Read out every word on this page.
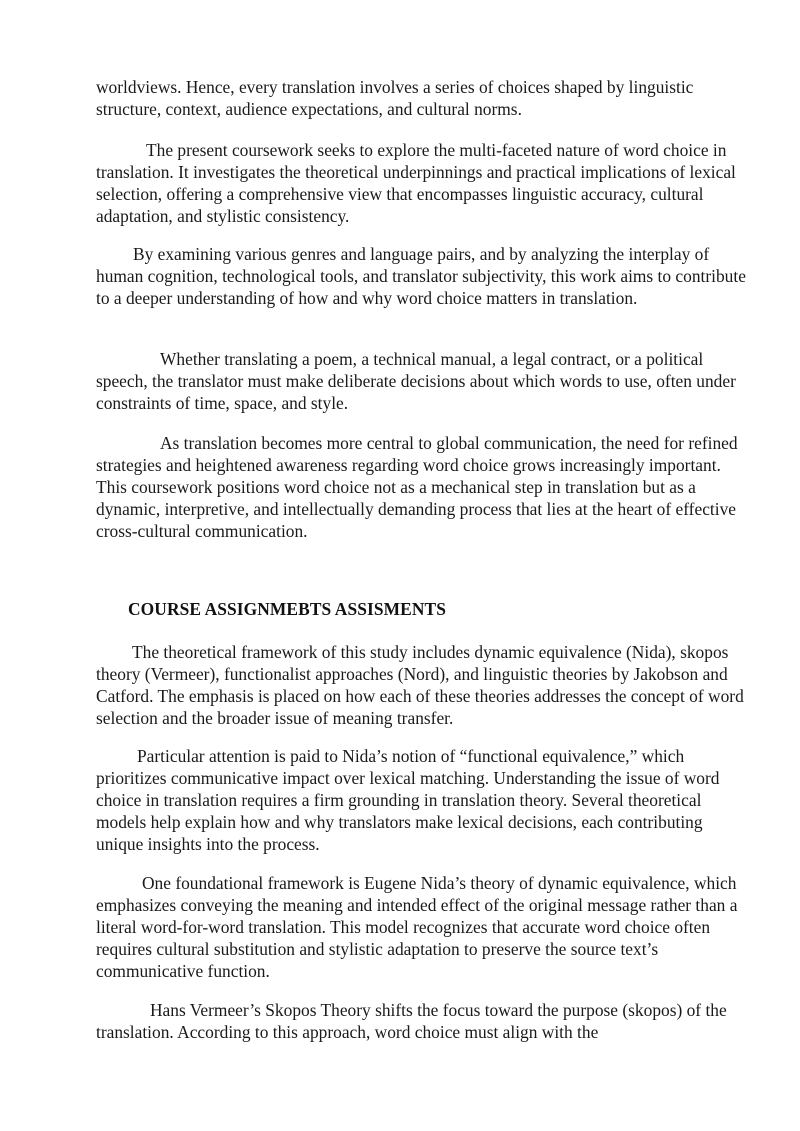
worldviews. Hence, every translation involves a series of choices shaped by linguistic structure, context, audience expectations, and cultural norms.

The present coursework seeks to explore the multi-faceted nature of word choice in translation. It investigates the theoretical underpinnings and practical implications of lexical selection, offering a comprehensive view that encompasses linguistic accuracy, cultural adaptation, and stylistic consistency.

By examining various genres and language pairs, and by analyzing the interplay of human cognition, technological tools, and translator subjectivity, this work aims to contribute to a deeper understanding of how and why word choice matters in translation.

Whether translating a poem, a technical manual, a legal contract, or a political speech, the translator must make deliberate decisions about which words to use, often under constraints of time, space, and style.

As translation becomes more central to global communication, the need for refined strategies and heightened awareness regarding word choice grows increasingly important. This coursework positions word choice not as a mechanical step in translation but as a dynamic, interpretive, and intellectually demanding process that lies at the heart of effective cross-cultural communication.

COURSE ASSIGNMEBTS ASSISMENTS

The theoretical framework of this study includes dynamic equivalence (Nida), skopos theory (Vermeer), functionalist approaches (Nord), and linguistic theories by Jakobson and Catford. The emphasis is placed on how each of these theories addresses the concept of word selection and the broader issue of meaning transfer.

Particular attention is paid to Nida’s notion of “functional equivalence,” which prioritizes communicative impact over lexical matching. Understanding the issue of word choice in translation requires a firm grounding in translation theory. Several theoretical models help explain how and why translators make lexical decisions, each contributing unique insights into the process.

One foundational framework is Eugene Nida’s theory of dynamic equivalence, which emphasizes conveying the meaning and intended effect of the original message rather than a literal word-for-word translation. This model recognizes that accurate word choice often requires cultural substitution and stylistic adaptation to preserve the source text’s communicative function.

Hans Vermeer’s Skopos Theory shifts the focus toward the purpose (skopos) of the translation. According to this approach, word choice must align with the
